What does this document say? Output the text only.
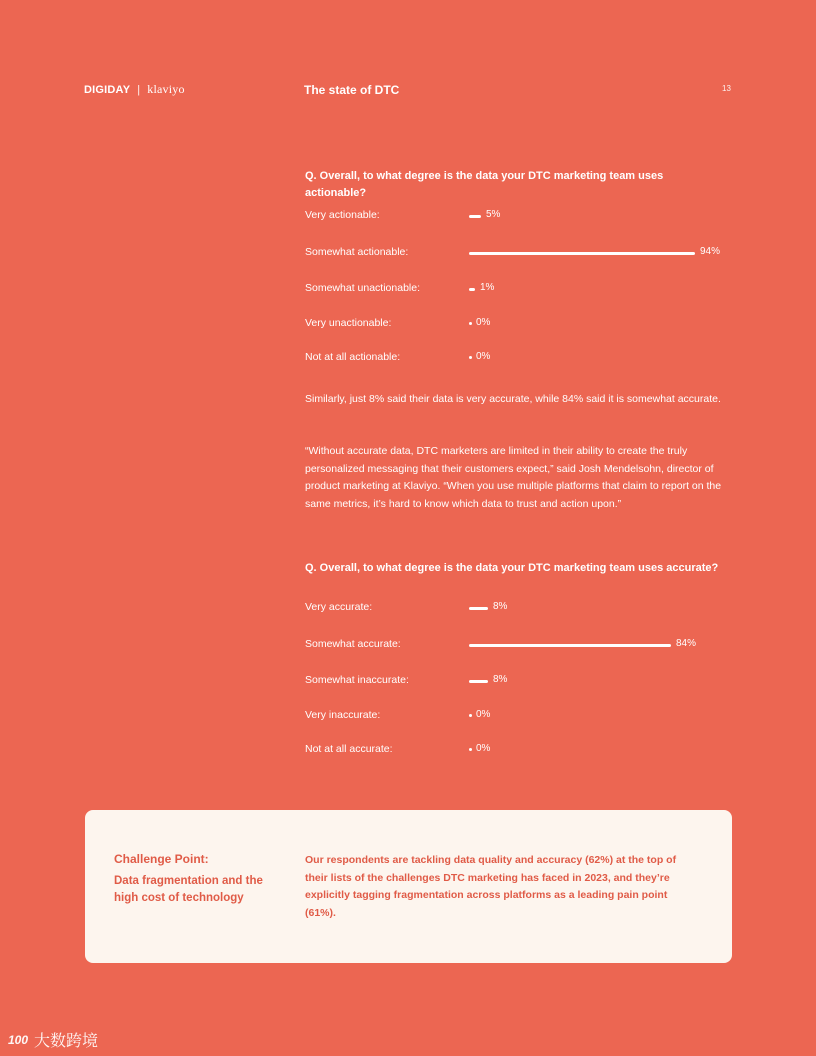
DIGIDAY | klaviyo	The state of DTC	13
Q. Overall, to what degree is the data your DTC marketing team uses actionable?
Very actionable:	5%
Somewhat actionable:	94%
Somewhat unactionable:	1%
Very unactionable:	0%
Not at all actionable:	0%
Similarly, just 8% said their data is very accurate, while 84% said it is somewhat accurate.
“Without accurate data, DTC marketers are limited in their ability to create the truly personalized messaging that their customers expect,” said Josh Mendelsohn, director of product marketing at Klaviyo. “When you use multiple platforms that claim to report on the same metrics, it’s hard to know which data to trust and action upon.”
Q. Overall, to what degree is the data your DTC marketing team uses accurate?
Very accurate:	8%
Somewhat accurate:	84%
Somewhat inaccurate:	8%
Very inaccurate:	0%
Not at all accurate:	0%
Challenge Point:
Data fragmentation and the high cost of technology
Our respondents are tackling data quality and accuracy (62%) at the top of their lists of the challenges DTC marketing has faced in 2023, and they’re explicitly tagging fragmentation across platforms as a leading pain point (61%).
100 大数跨境
